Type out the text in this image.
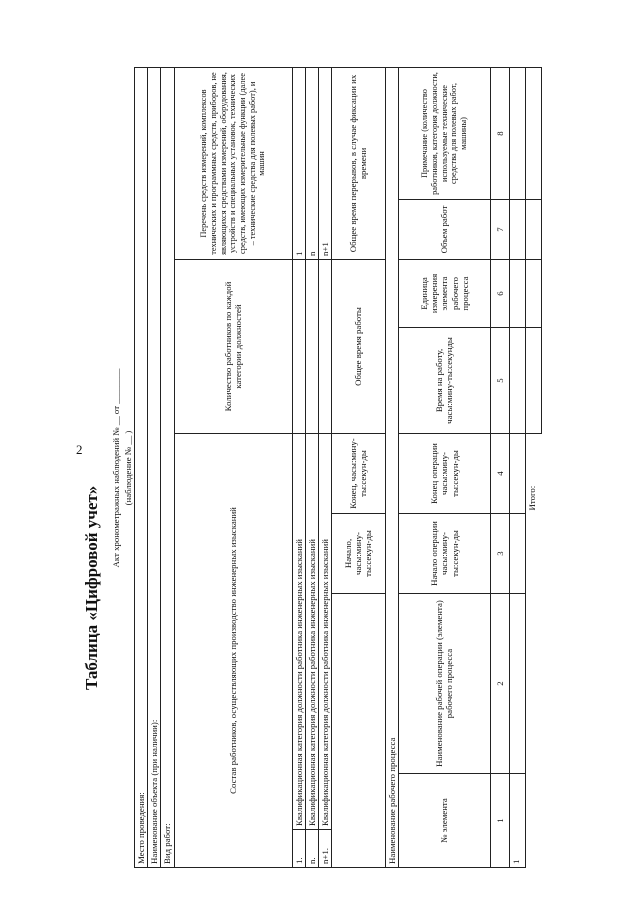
2
Таблица «Цифровой учет»
Акт хронометражных наблюдений № __ от ________
(наблюдение № __ )
Место проведения:								
Наименование объекта (при наличии):								
Вид работ:								
Состав работников, осуществляющих производство инженерных изысканий					Количество работников по каждой категории должностей		Перечень средств измерений, комплексов технических и программных средств, приборов, не являющихся средствами измерений, оборудования, устройств и специальных установок, технических средств, имеющих измерительные функции (далее – технические средства для полевых работ), и машин	
1.	Квалификационная категория должности работника инженерных изысканий						1	
n.	Квалификационная категория должности работника инженерных изысканий						n	
n+1.	Квалификационная категория должности работника инженерных изысканий						n+1	
			Начало, часы:мину-ты:секун-ды	Конец, часы:мину-ты:секун-ды	Общее время работы		Общее время перерывов, в случае фиксации их времени	
Наименование рабочего процесса								
№ элемента		Наименование рабочей операции (элемента) рабочего процесса	Начало операции часы:мину-ты:секун-ды	Конец операции часы:мину-ты:секун-ды	Время на работу, часы:мину-ты:секунды	Единица измерения элемента рабочего процесса	Объем работ	Примечание (количество работников, категория должности, используемые технические средства для полевых работ, машины)
1		2	3	4	5	6	7	8
1								
				Итого:				
